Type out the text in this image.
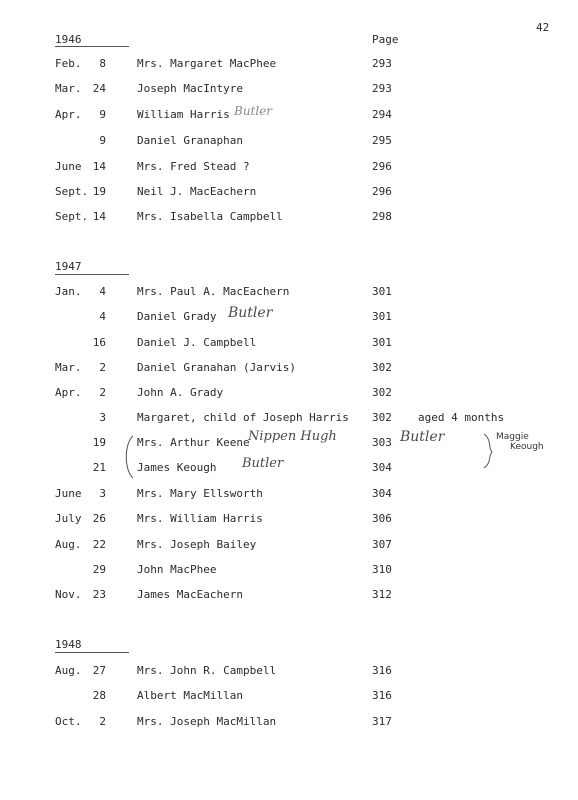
42
Page
1946
Feb.	8	Mrs. Margaret MacPhee	293
Mar.	24	Joseph MacIntyre	293
Apr.	9	William Harris	294
9	Daniel Granaphan	295
June	14	Mrs. Fred Stead ?	296
Sept. 19	Neil J. MacEachern	296
Sept. 14	Mrs. Isabella Campbell	298
1947
Jan.	4	Mrs. Paul A. MacEachern	301
4	Daniel Grady	301
16	Daniel J. Campbell	301
Mar.	2	Daniel Granahan (Jarvis)	302
Apr.	2	John A. Grady	302
3	Margaret, child of Joseph Harris 302 aged 4 months
19	Mrs. Arthur Keene	303
21	James Keough	304
June	3	Mrs. Mary Ellsworth	304
July	26	Mrs. William Harris	306
Aug.	22	Mrs. Joseph Bailey	307
29	John MacPhee	310
Nov.	23	James MacEachern	312
1948
Aug.	27	Mrs. John R. Campbell	316
28	Albert MacMillan	316
Oct.	2	Mrs. Joseph MacMillan	317
Butler
Butler
Nippen Hugh	Butler
Butler
Maggie
Keough
